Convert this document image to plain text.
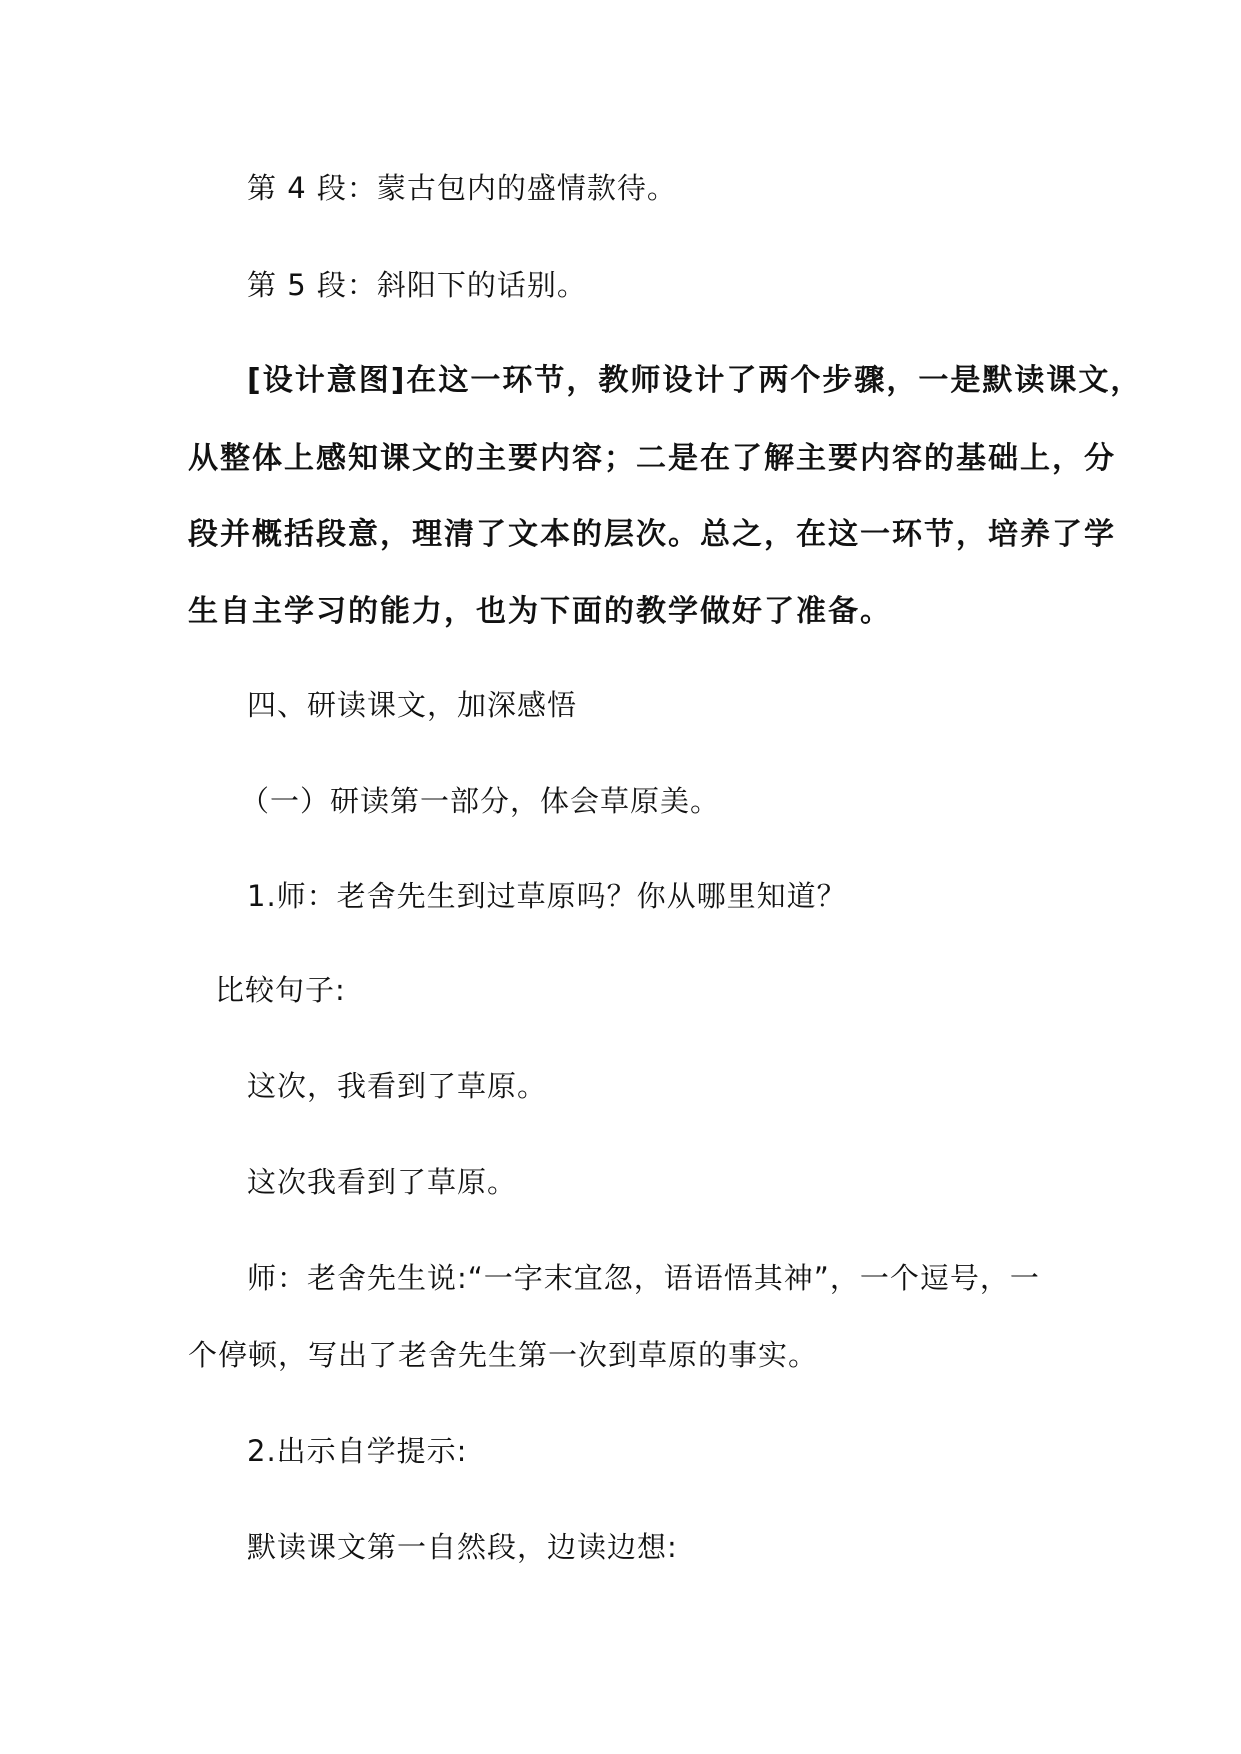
第 4 段：蒙古包内的盛情款待。
第 5 段：斜阳下的话别。
[设计意图]在这一环节，教师设计了两个步骤，一是默读课文，
从整体上感知课文的主要内容；二是在了解主要内容的基础上，分
段并概括段意，理清了文本的层次。总之，在这一环节，培养了学
生自主学习的能力，也为下面的教学做好了准备。
四、研读课文，加深感悟
（一）研读第一部分，体会草原美。
1.师：老舍先生到过草原吗？你从哪里知道？
比较句子:
这次，我看到了草原。
这次我看到了草原。
师：老舍先生说:“一字末宜忽，语语悟其神”，一个逗号，一
个停顿，写出了老舍先生第一次到草原的事实。
2.出示自学提示:
默读课文第一自然段，边读边想:
